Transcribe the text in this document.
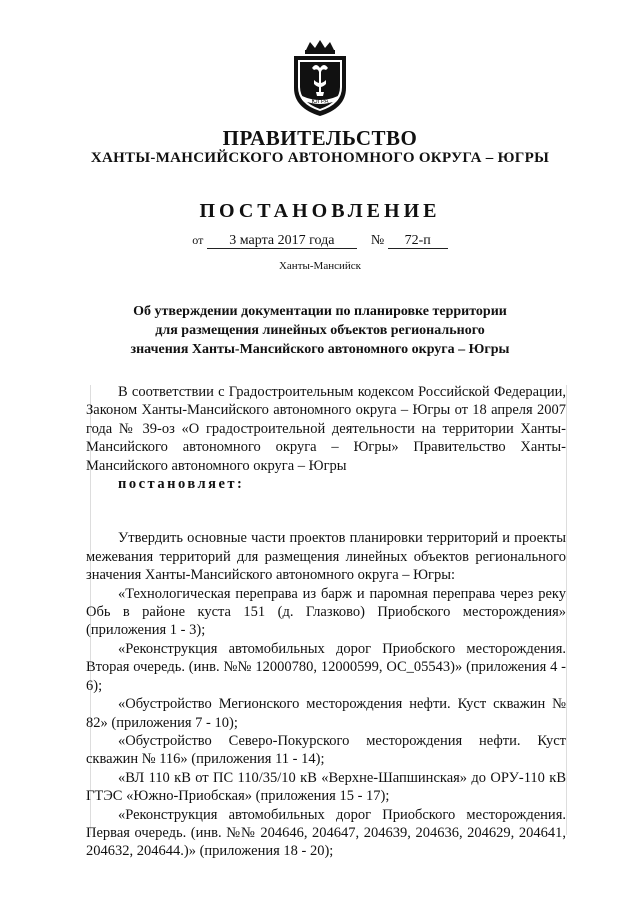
ЮГРА
ПРАВИТЕЛЬСТВО
ХАНТЫ-МАНСИЙСКОГО АВТОНОМНОГО ОКРУГА – ЮГРЫ
ПОСТАНОВЛЕНИЕ
от 3 марта 2017 года	№ 72-п
Ханты-Мансийск
Об утверждении документации по планировке территории
для размещения линейных объектов регионального
значения Ханты-Мансийского автономного округа – Югры

В соответствии с Градостроительным кодексом Российской Федерации, Законом Ханты-Мансийского автономного округа – Югры от 18 апреля 2007 года № 39-оз «О градостроительной деятельности на территории Ханты-Мансийского автономного округа – Югры» Правительство Ханты-Мансийского автономного округа – Югры

постановляет:

Утвердить основные части проектов планировки территорий и проекты межевания территорий для размещения линейных объектов регионального значения Ханты-Мансийского автономного округа – Югры:

«Технологическая переправа из барж и паромная переправа через реку Обь в районе куста 151 (д. Глазково) Приобского месторождения» (приложения 1 - 3);

«Реконструкция автомобильных дорог Приобского месторождения. Вторая очередь. (инв. №№ 12000780, 12000599, ОС_05543)» (приложения 4 - 6);

«Обустройство Мегионского месторождения нефти. Куст скважин № 82» (приложения 7 - 10);

«Обустройство Северо-Покурского месторождения нефти. Куст скважин № 116» (приложения 11 - 14);

«ВЛ 110 кВ от ПС 110/35/10 кВ «Верхне-Шапшинская» до ОРУ-110 кВ ГТЭС «Южно-Приобская» (приложения 15 - 17);

«Реконструкция автомобильных дорог Приобского месторождения. Первая очередь. (инв. №№ 204646, 204647, 204639, 204636, 204629, 204641, 204632, 204644.)» (приложения 18 - 20);
